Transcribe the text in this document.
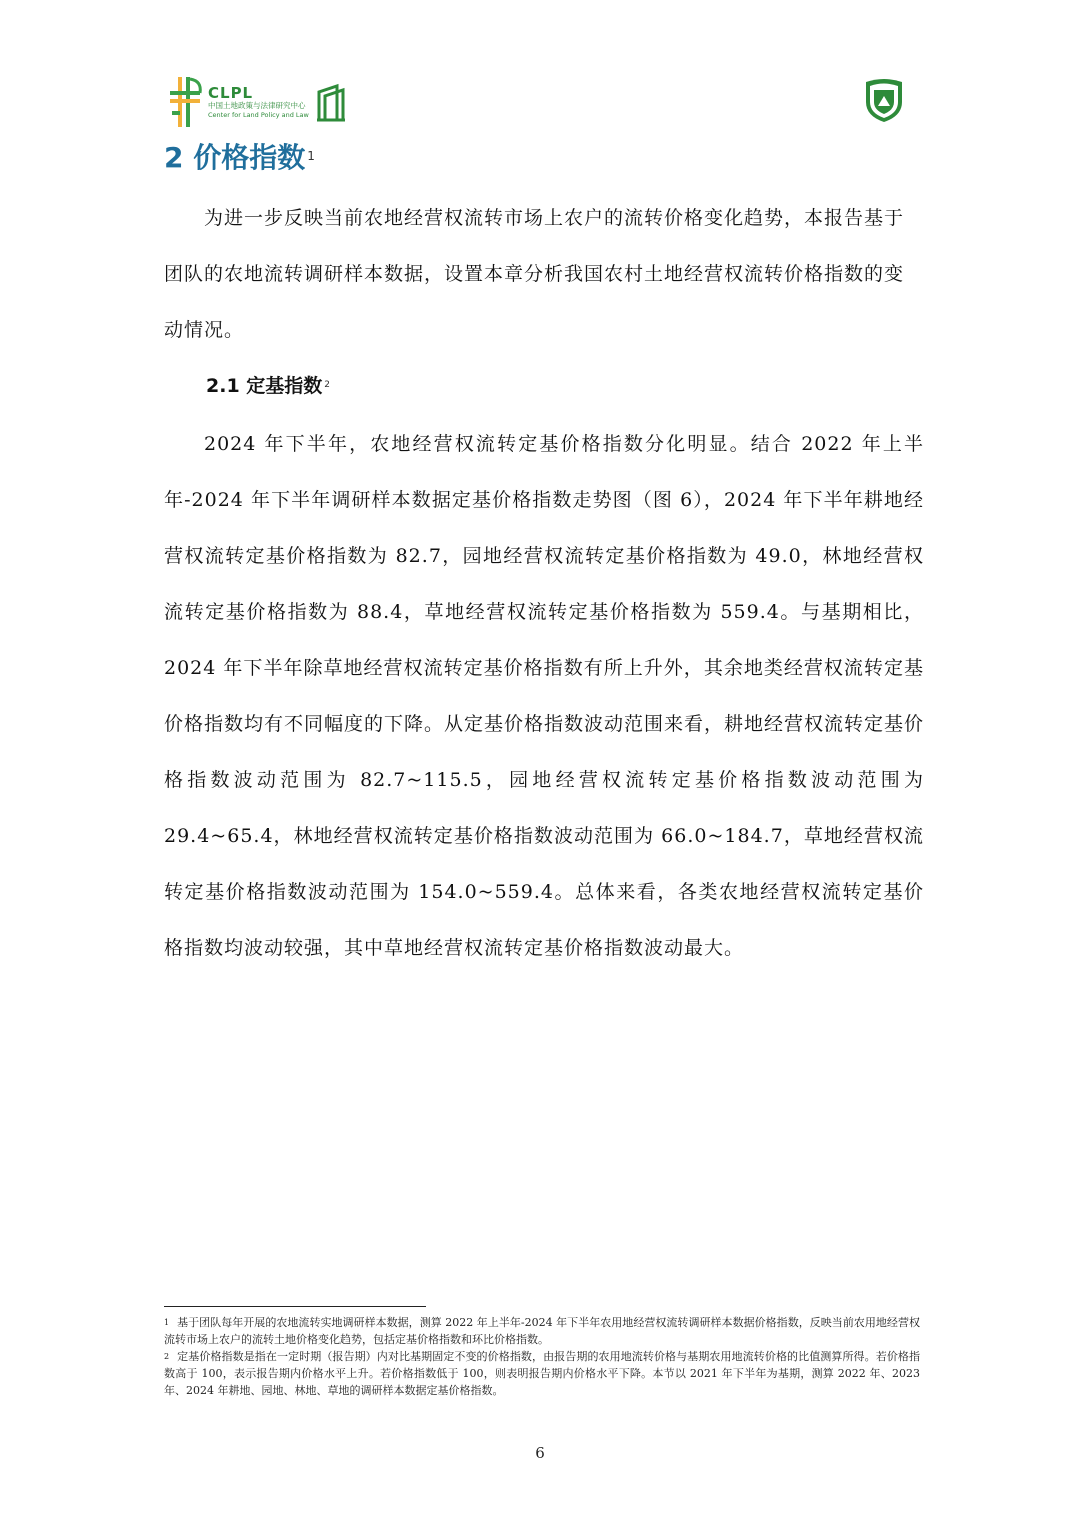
CLPL
中国土地政策与法律研究中心
Center for Land Policy and Law
2 价格指数 $^1$

为进一步反映当前农地经营权流转市场上农户的流转价格变化趋势，本报告基于团队的农地流转调研样本数据，设置本章分析我国农村土地经营权流转价格指数的变动情况。

2.1 定基指数 $^2$

2024 年下半年，农地经营权流转定基价格指数分化明显。结合 2022 年上半年-2024 年下半年调研样本数据定基价格指数走势图（图 6），2024 年下半年耕地经营权流转定基价格指数为 82.7，园地经营权流转定基价格指数为 49.0，林地经营权流转定基价格指数为 88.4，草地经营权流转定基价格指数为 559.4。与基期相比，2024 年下半年除草地经营权流转定基价格指数有所上升外，其余地类经营权流转定基价格指数均有不同幅度的下降。从定基价格指数波动范围来看，耕地经营权流转定基价格指数波动范围为 82.7~115.5，园地经营权流转定基价格指数波动范围为 29.4~65.4，林地经营权流转定基价格指数波动范围为 66.0~184.7，草地经营权流转定基价格指数波动范围为 154.0~559.4。总体来看，各类农地经营权流转定基价格指数均波动较强，其中草地经营权流转定基价格指数波动最大。

$^1$ 基于团队每年开展的农地流转实地调研样本数据，测算 2022 年上半年-2024 年下半年农用地经营权流转调研样本数据价格指数，反映当前农用地经营权流转市场上农户的流转土地价格变化趋势，包括定基价格指数和环比价格指数。
$^2$ 定基价格指数是指在一定时期（报告期）内对比基期固定不变的价格指数，由报告期的农用地流转价格与基期农用地流转价格的比值测算所得。若价格指数高于 100，表示报告期内价格水平上升。若价格指数低于 100，则表明报告期内价格水平下降。本节以 2021 年下半年为基期，测算 2022 年、2023 年、2024 年耕地、园地、林地、草地的调研样本数据定基价格指数。
6
